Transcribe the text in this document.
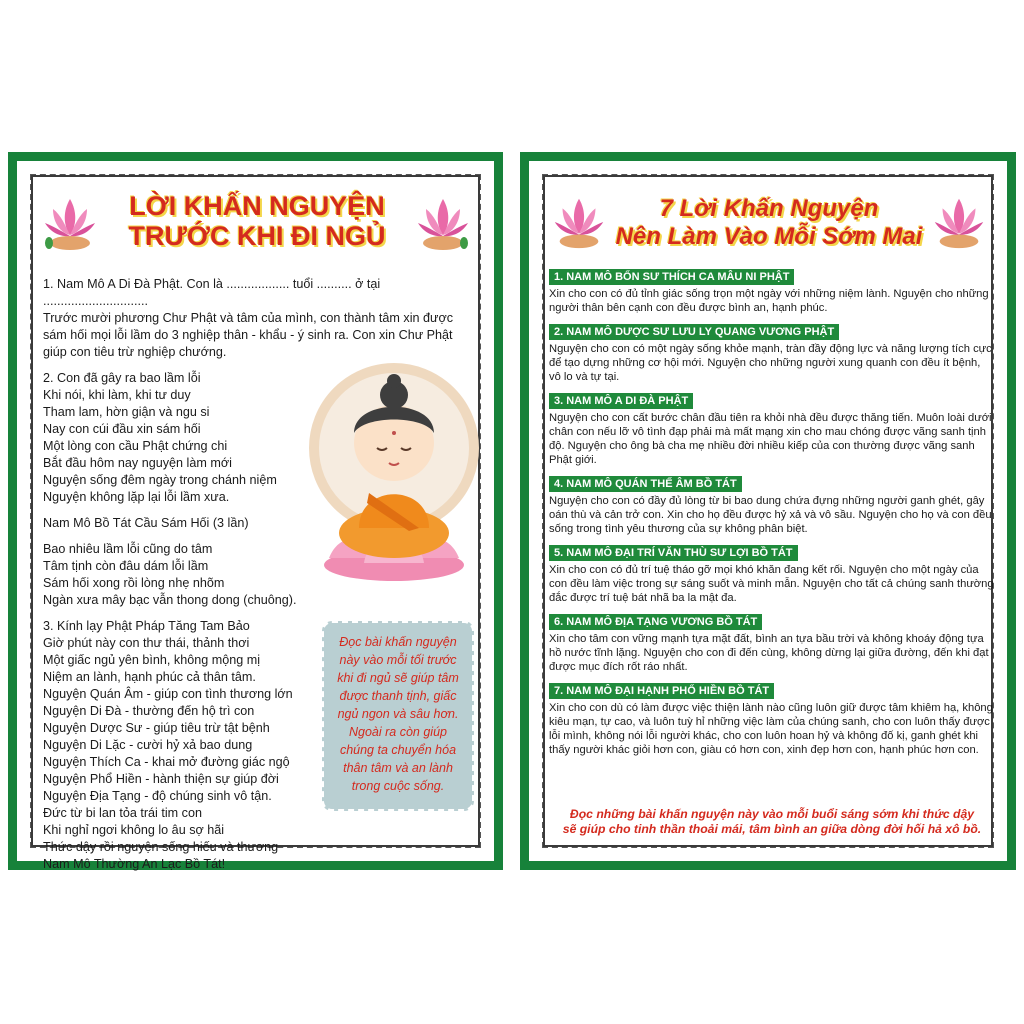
LỜI KHẤN NGUYỆN
TRƯỚC KHI ĐI NGỦ

1. Nam Mô A Di Đà Phật. Con là .................. tuổi .......... ở tại ..............................

Trước mười phương Chư Phật và tâm của mình, con thành tâm xin được

sám hối mọi lỗi lầm do 3 nghiệp thân - khẩu - ý sinh ra. Con xin Chư Phật

giúp con tiêu trừ nghiệp chướng.

2. Con đã gây ra bao lầm lỗi

Khi nói, khi làm, khi tư duy

Tham lam, hờn giận và ngu si

Nay con cúi đầu xin sám hối

Một lòng con cầu Phật chứng chi

Bắt đầu hôm nay nguyện làm mới

Nguyện sống đêm ngày trong chánh niệm

Nguyện không lặp lại lỗi lầm xưa.

Nam Mô Bồ Tát Cầu Sám Hối (3 lần)

Bao nhiêu lầm lỗi cũng do tâm

Tâm tịnh còn đâu dám lỗi lầm

Sám hối xong rồi lòng nhẹ nhõm

Ngàn xưa mây bạc vẫn thong dong (chuông).

3. Kính lạy Phật Pháp Tăng Tam Bảo

Giờ phút này con thư thái, thảnh thơi

Một giấc ngủ yên bình, không mộng mị

Niệm an lành, hạnh phúc cả thân tâm.

Nguyện Quán Âm - giúp con tình thương lớn

Nguyện Di Đà - thường đến hộ trì con

Nguyện Dược Sư - giúp tiêu trừ tật bệnh

Nguyện Di Lặc - cười hỷ xả bao dung

Nguyện Thích Ca - khai mở đường giác ngộ

Nguyện Phổ Hiền - hành thiện sự giúp đời

Nguyện Địa Tạng - độ chúng sinh vô tận.

Đức từ bi lan tỏa trái tim con

Khi nghỉ ngơi không lo âu sợ hãi

Thức dậy rồi nguyện sống hiếu và thương

Nam Mô Thường An Lạc Bồ Tát!

Đọc bài khấn nguyện
này vào mỗi tối trước
khi đi ngủ sẽ giúp tâm
được thanh tịnh, giấc
ngủ ngon và sâu hơn.
Ngoài ra còn giúp
chúng ta chuyển hóa
thân tâm và an lành
trong cuộc sống.
7 Lời Khấn Nguyện
Nên Làm Vào Mỗi Sớm Mai
1. NAM MÔ BỔN SƯ THÍCH CA MÂU NI PHẬT

Xin cho con có đủ tỉnh giác sống trọn một ngày với những niệm lành. Nguyện cho những người thân bên cạnh con đều được bình an, hạnh phúc.

2. NAM MÔ DƯỢC SƯ LƯU LY QUANG VƯƠNG PHẬT

Nguyện cho con có một ngày sống khỏe mạnh, tràn đầy động lực và năng lượng tích cực để tạo dựng những cơ hội mới. Nguyện cho những người xung quanh con đều ít bệnh, vô lo và tự tại.

3. NAM MÔ A DI ĐÀ PHẬT

Nguyện cho con cất bước chân đầu tiên ra khỏi nhà đều được thăng tiến. Muôn loài dưới chân con nếu lỡ vô tình đạp phải mà mất mạng xin cho mau chóng được vãng sanh tịnh độ. Nguyện cho ông bà cha mẹ nhiều đời nhiều kiếp của con thường được vãng sanh Phật giới.

4. NAM MÔ QUÁN THẾ ÂM BỒ TÁT

Nguyện cho con có đầy đủ lòng từ bi bao dung chứa đựng những người ganh ghét, gây oán thù và cản trở con. Xin cho họ đều được hỷ xả và vô sầu. Nguyện cho họ và con đều sống trong tình yêu thương của sự không phân biệt.

5. NAM MÔ ĐẠI TRÍ VĂN THÙ SƯ LỢI BỒ TÁT

Xin cho con có đủ trí tuệ tháo gỡ mọi khó khăn đang kết rối. Nguyện cho một ngày của con đều làm việc trong sự sáng suốt và minh mẫn. Nguyện cho tất cả chúng sanh thường đắc được trí tuệ bát nhã ba la mật đa.

6. NAM MÔ ĐỊA TẠNG VƯƠNG BỒ TÁT

Xin cho tâm con vững mạnh tựa mặt đất, bình an tựa bầu trời và không khoáy động tựa hồ nước tĩnh lặng. Nguyện cho con đi đến cùng, không dừng lại giữa đường, đến khi đạt được mục đích rốt ráo nhất.

7. NAM MÔ ĐẠI HẠNH PHỔ HIỀN BỒ TÁT

Xin cho con dù có làm được việc thiện lành nào cũng luôn giữ được tâm khiêm hạ, không kiêu mạn, tự cao, và luôn tuỳ hỉ những việc làm của chúng sanh, cho con luôn thấy được lỗi mình, không nói lỗi người khác, cho con luôn hoan hỷ và không đố kị, ganh ghét khi thấy người khác giỏi hơn con, giàu có hơn con, xinh đẹp hơn con, hạnh phúc hơn con.

Đọc những bài khấn nguyện này vào mỗi buổi sáng sớm khi thức dậy
sẽ giúp cho tinh thần thoải mái, tâm bình an giữa dòng đời hối hả xô bồ.
